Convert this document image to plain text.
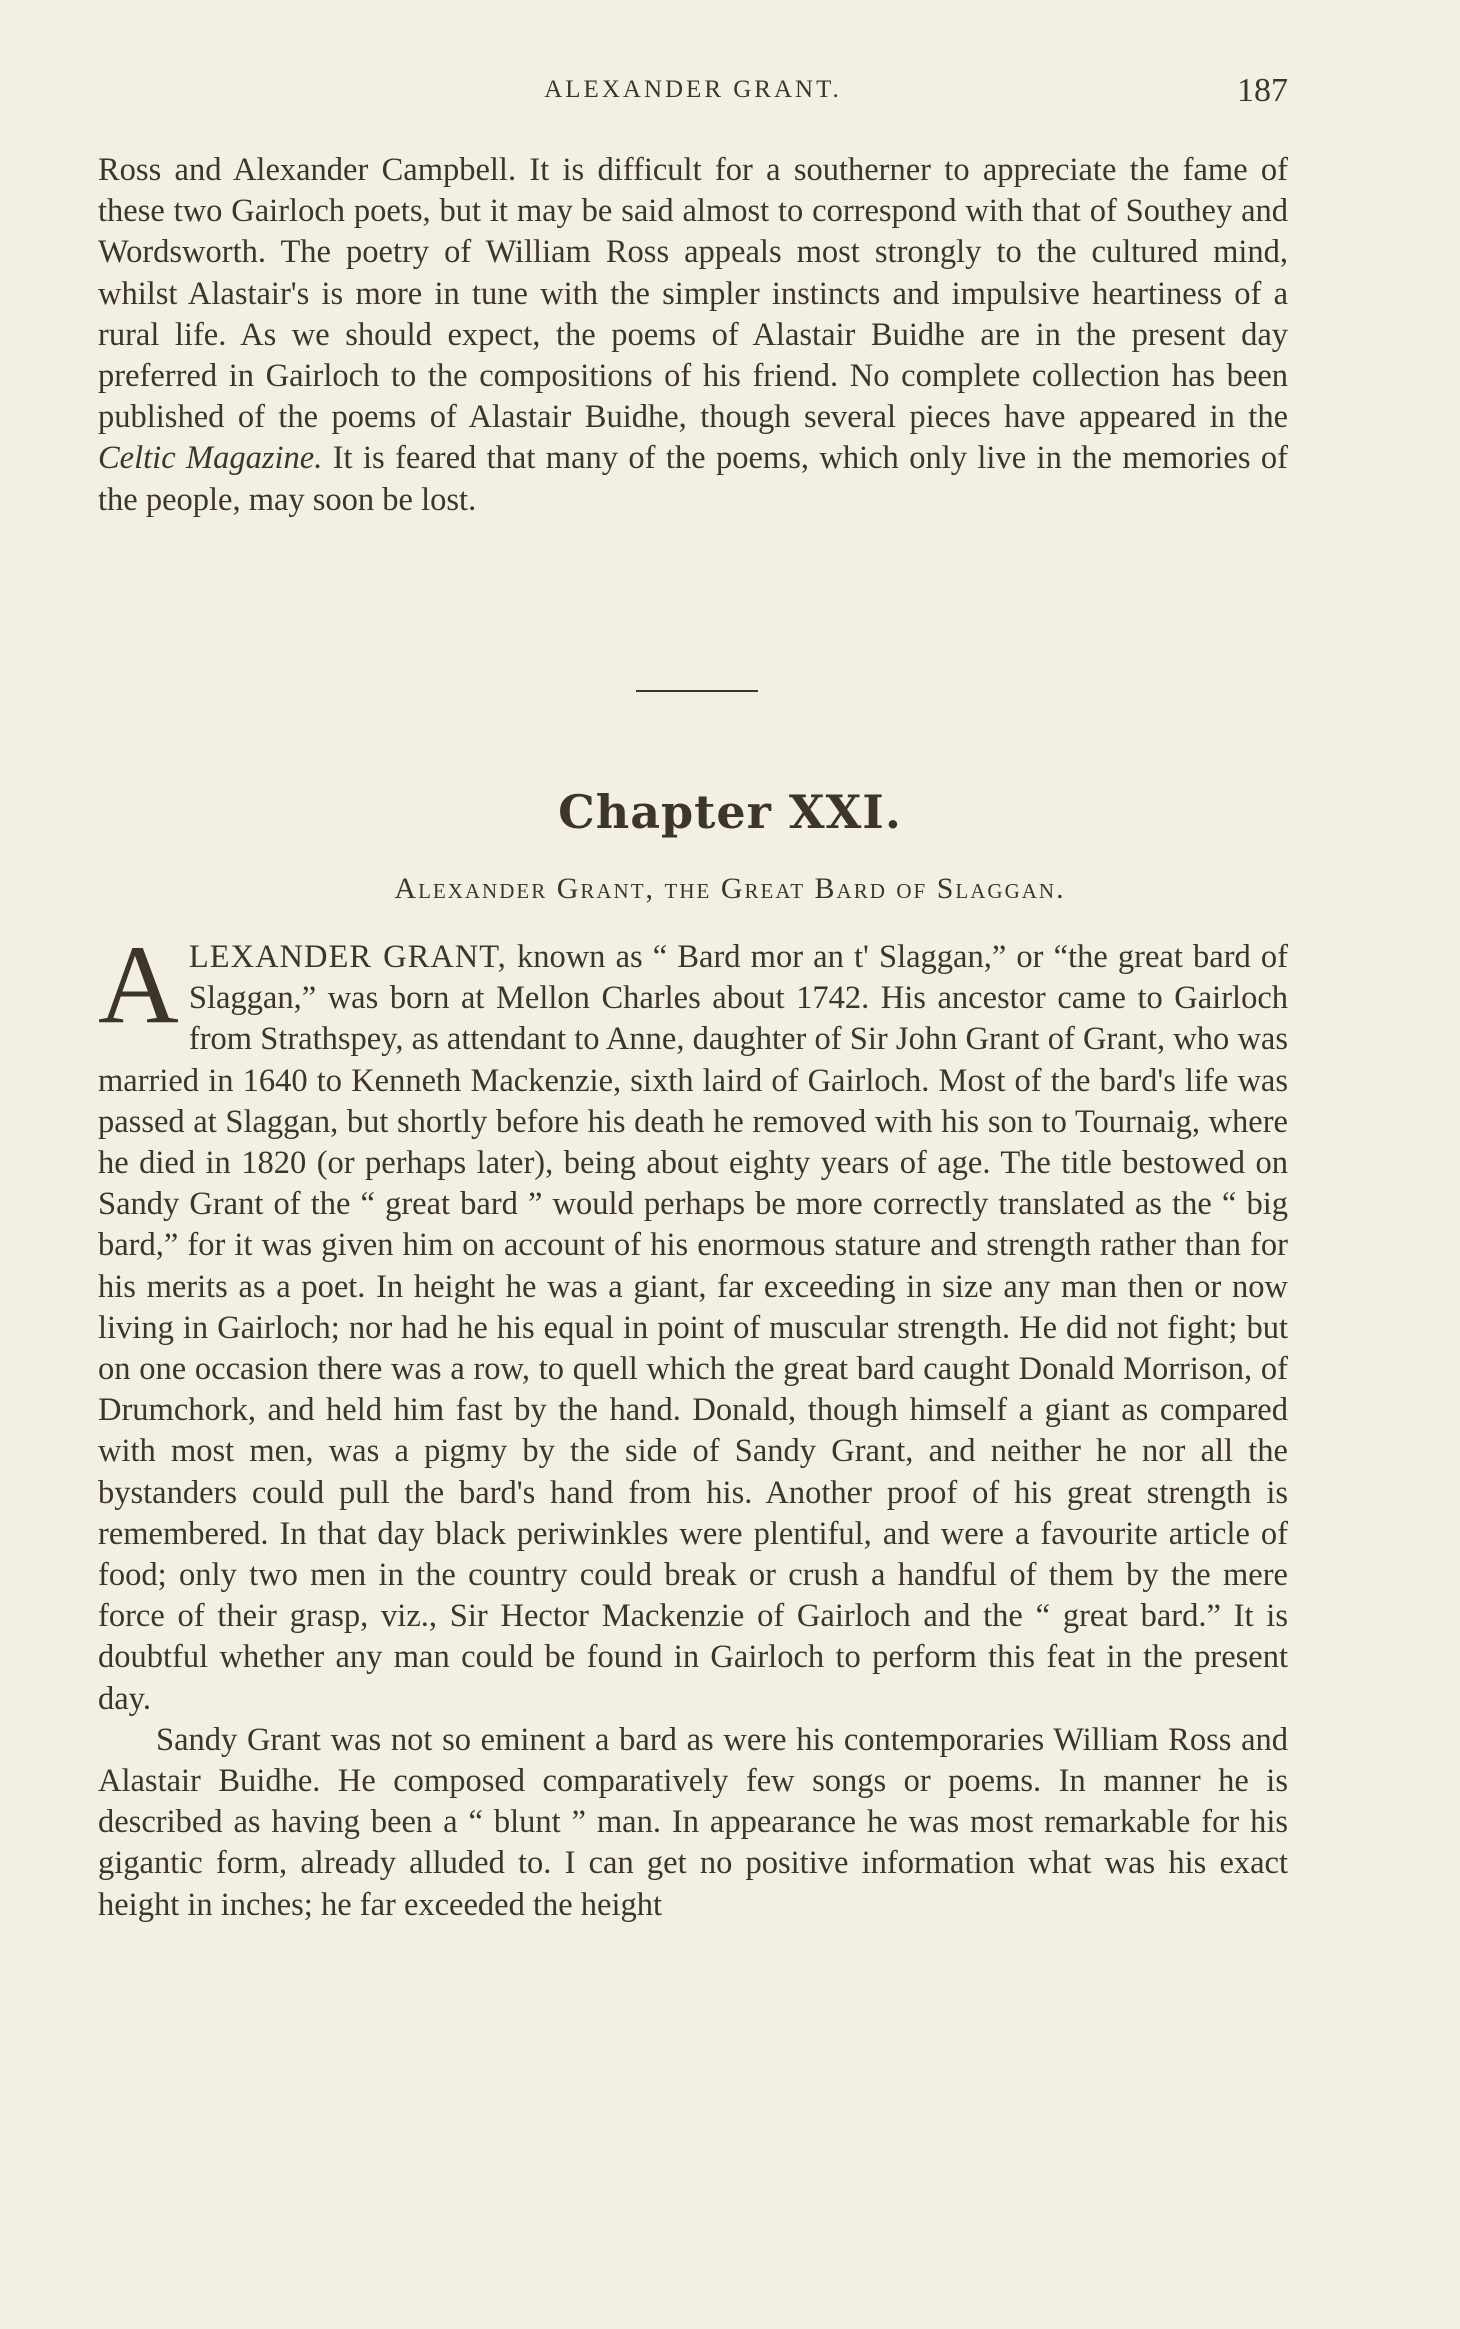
ALEXANDER GRANT.	187

Ross and Alexander Campbell. It is difficult for a southerner to appreciate the fame of these two Gairloch poets, but it may be said almost to correspond with that of Southey and Wordsworth. The poetry of William Ross appeals most strongly to the cultured mind, whilst Alastair's is more in tune with the simpler instincts and impulsive heartiness of a rural life. As we should expect, the poems of Alastair Buidhe are in the present day preferred in Gairloch to the compositions of his friend. No complete collection has been published of the poems of Alastair Buidhe, though several pieces have appeared in the Celtic Magazine. It is feared that many of the poems, which only live in the memories of the people, may soon be lost.

Chapter XXI.
Alexander Grant, the Great Bard of Slaggan.

ALEXANDER GRANT, known as “ Bard mor an t' Slaggan,” or “the great bard of Slaggan,” was born at Mellon Charles about 1742. His ancestor came to Gairloch from Strathspey, as attendant to Anne, daughter of Sir John Grant of Grant, who was married in 1640 to Kenneth Mackenzie, sixth laird of Gairloch. Most of the bard's life was passed at Slaggan, but shortly before his death he removed with his son to Tournaig, where he died in 1820 (or perhaps later), being about eighty years of age. The title bestowed on Sandy Grant of the “ great bard ” would perhaps be more correctly translated as the “ big bard,” for it was given him on account of his enormous stature and strength rather than for his merits as a poet. In height he was a giant, far exceeding in size any man then or now living in Gairloch; nor had he his equal in point of muscular strength. He did not fight; but on one occasion there was a row, to quell which the great bard caught Donald Morrison, of Drumchork, and held him fast by the hand. Donald, though himself a giant as compared with most men, was a pigmy by the side of Sandy Grant, and neither he nor all the bystanders could pull the bard's hand from his. Another proof of his great strength is remembered. In that day black periwinkles were plentiful, and were a favourite article of food; only two men in the country could break or crush a handful of them by the mere force of their grasp, viz., Sir Hector Mackenzie of Gairloch and the “ great bard.” It is doubtful whether any man could be found in Gairloch to perform this feat in the present day.

Sandy Grant was not so eminent a bard as were his contemporaries William Ross and Alastair Buidhe. He composed comparatively few songs or poems. In manner he is described as having been a “ blunt ” man. In appearance he was most remarkable for his gigantic form, already alluded to. I can get no positive information what was his exact height in inches; he far exceeded the height
